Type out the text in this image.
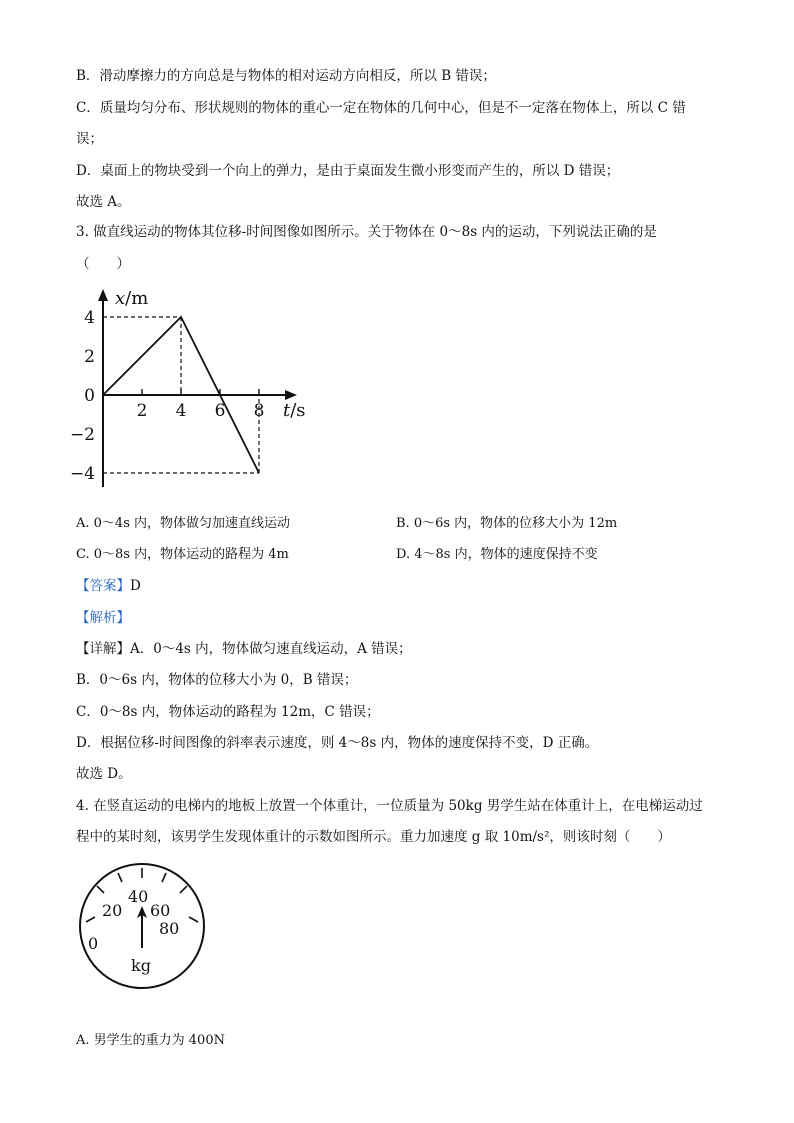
B．滑动摩擦力的方向总是与物体的相对运动方向相反，所以 B 错误；
C．质量均匀分布、形状规则的物体的重心一定在物体的几何中心，但是不一定落在物体上，所以 C 错
误；
D．桌面上的物块受到一个向上的弹力，是由于桌面发生微小形变而产生的，所以 D 错误；
故选 A。
3. 做直线运动的物体其位移-时间图像如图所示。关于物体在 0～8s 内的运动，下列说法正确的是
（　　）
x/m
t/s
2 4 6 8
4
2
0
−2
−4
A. 0～4s 内，物体做匀加速直线运动	B. 0～6s 内，物体的位移大小为 12m
C. 0～8s 内，物体运动的路程为 4m	D. 4～8s 内，物体的速度保持不变
【答案】D
【解析】
【详解】A．0～4s 内，物体做匀速直线运动，A 错误；
B．0～6s 内，物体的位移大小为 0，B 错误；
C．0～8s 内，物体运动的路程为 12m，C 错误；
D．根据位移-时间图像的斜率表示速度，则 4～8s 内，物体的速度保持不变，D 正确。
故选 D。
4. 在竖直运动的电梯内的地板上放置一个体重计，一位质量为 50kg 男学生站在体重计上，在电梯运动过
程中的某时刻，该男学生发现体重计的示数如图所示。重力加速度 g 取 10m/s²，则该时刻（　　）
0
20
40
60
80
kg
A. 男学生的重力为 400N
